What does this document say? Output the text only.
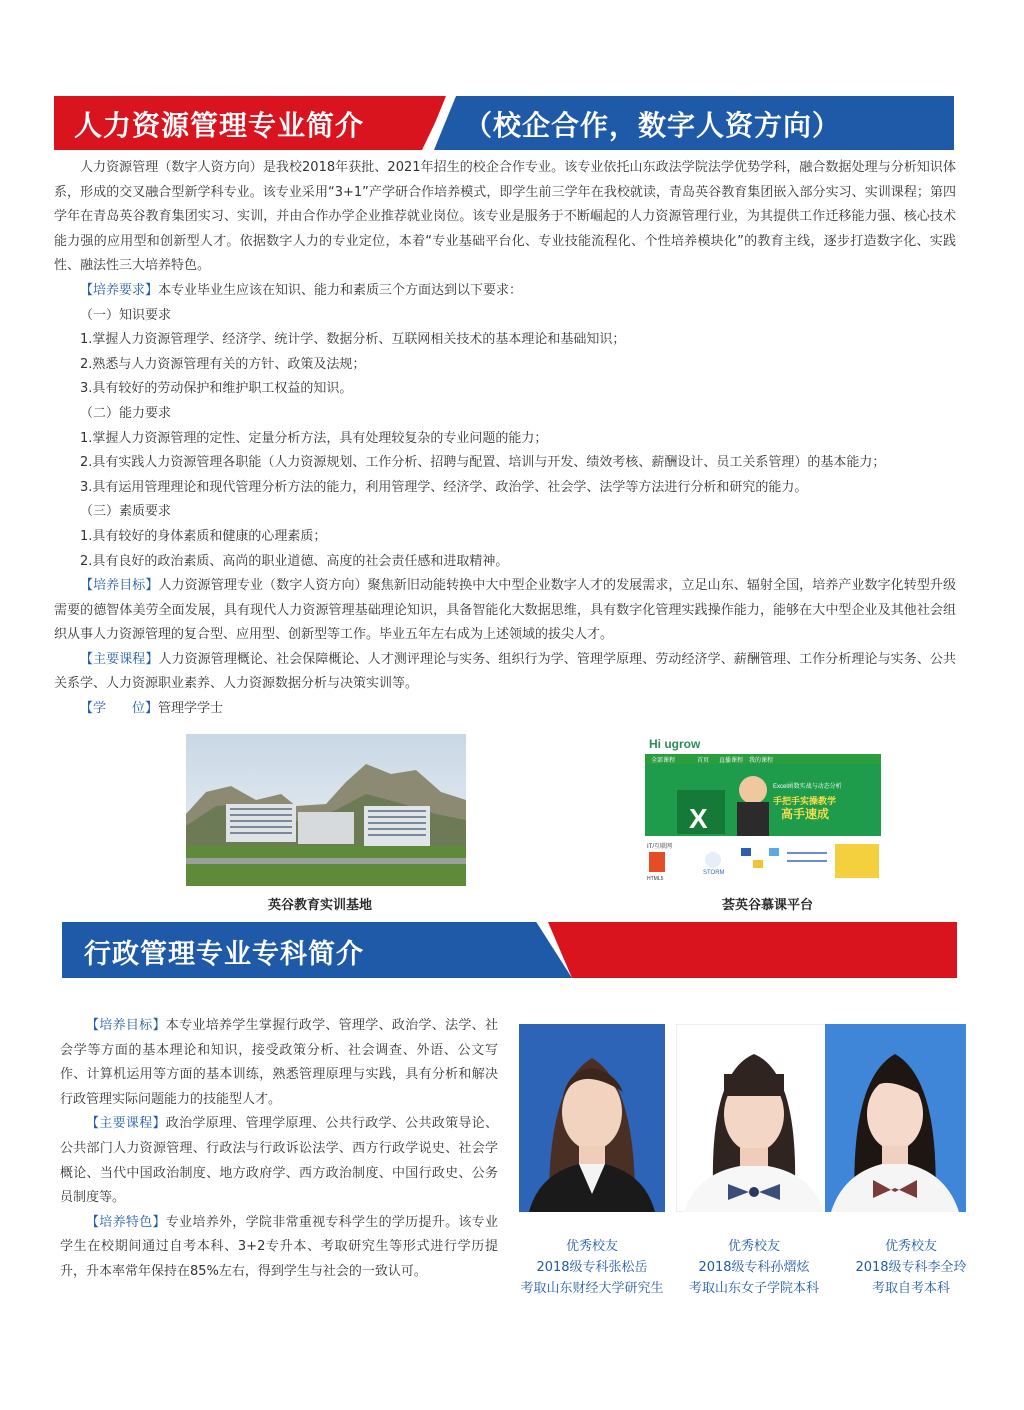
人力资源管理专业简介	（校企合作，数字人资方向）

人力资源管理（数字人资方向）是我校2018年获批、2021年招生的校企合作专业。该专业依托山东政法学院法学优势学科，融合数据处理与分析知识体系，形成的交叉融合型新学科专业。该专业采用“3+1”产学研合作培养模式，即学生前三学年在我校就读，青岛英谷教育集团嵌入部分实习、实训课程；第四学年在青岛英谷教育集团实习、实训，并由合作办学企业推荐就业岗位。该专业是服务于不断崛起的人力资源管理行业，为其提供工作迁移能力强、核心技术能力强的应用型和创新型人才。依据数字人力的专业定位，本着“专业基础平台化、专业技能流程化、个性培养模块化”的教育主线，逐步打造数字化、实践性、融法性三大培养特色。

【培养要求】本专业毕业生应该在知识、能力和素质三个方面达到以下要求：

（一）知识要求

1.掌握人力资源管理学、经济学、统计学、数据分析、互联网相关技术的基本理论和基础知识；

2.熟悉与人力资源管理有关的方针、政策及法规；

3.具有较好的劳动保护和维护职工权益的知识。

（二）能力要求

1.掌握人力资源管理的定性、定量分析方法，具有处理较复杂的专业问题的能力；

2.具有实践人力资源管理各职能（人力资源规划、工作分析、招聘与配置、培训与开发、绩效考核、薪酬设计、员工关系管理）的基本能力；

3.具有运用管理理论和现代管理分析方法的能力，利用管理学、经济学、政治学、社会学、法学等方法进行分析和研究的能力。

（三）素质要求

1.具有较好的身体素质和健康的心理素质；

2.具有良好的政治素质、高尚的职业道德、高度的社会责任感和进取精神。

【培养目标】人力资源管理专业（数字人资方向）聚焦新旧动能转换中大中型企业数字人才的发展需求，立足山东、辐射全国，培养产业数字化转型升级需要的德智体美劳全面发展，具有现代人力资源管理基础理论知识，具备智能化大数据思维，具有数字化管理实践操作能力，能够在大中型企业及其他社会组织从事人力资源管理的复合型、应用型、创新型等工作。毕业五年左右成为上述领域的拔尖人才。

【主要课程】人力资源管理概论、社会保障概论、人才测评理论与实务、组织行为学、管理学原理、劳动经济学、薪酬管理、工作分析理论与实务、公共关系学、人力资源职业素养、人力资源数据分析与决策实训等。

【学　　位】管理学学士

英谷教育实训基地
Hi ugrow
全部课程	首页 直播课程 我的课程
X
Excel函数实战与动态分析
手把手实操教学
高手速成
IT/互联网
HTML5
STORM
荟英谷慕课平台
行政管理专业专科简介

【培养目标】本专业培养学生掌握行政学、管理学、政治学、法学、社会学等方面的基本理论和知识，接受政策分析、社会调查、外语、公文写作、计算机运用等方面的基本训练，熟悉管理原理与实践，具有分析和解决行政管理实际问题能力的技能型人才。

【主要课程】政治学原理、管理学原理、公共行政学、公共政策导论、公共部门人力资源管理、行政法与行政诉讼法学、西方行政学说史、社会学概论、当代中国政治制度、地方政府学、西方政治制度、中国行政史、公务员制度等。

【培养特色】专业培养外，学院非常重视专科学生的学历提升。该专业学生在校期间通过自考本科、3+2专升本、考取研究生等形式进行学历提升，升本率常年保持在85%左右，得到学生与社会的一致认可。

优秀校友
2018级专科张松岳
考取山东财经大学研究生
优秀校友
2018级专科孙熠炫
考取山东女子学院本科
优秀校友
2018级专科李全玲
考取自考本科
